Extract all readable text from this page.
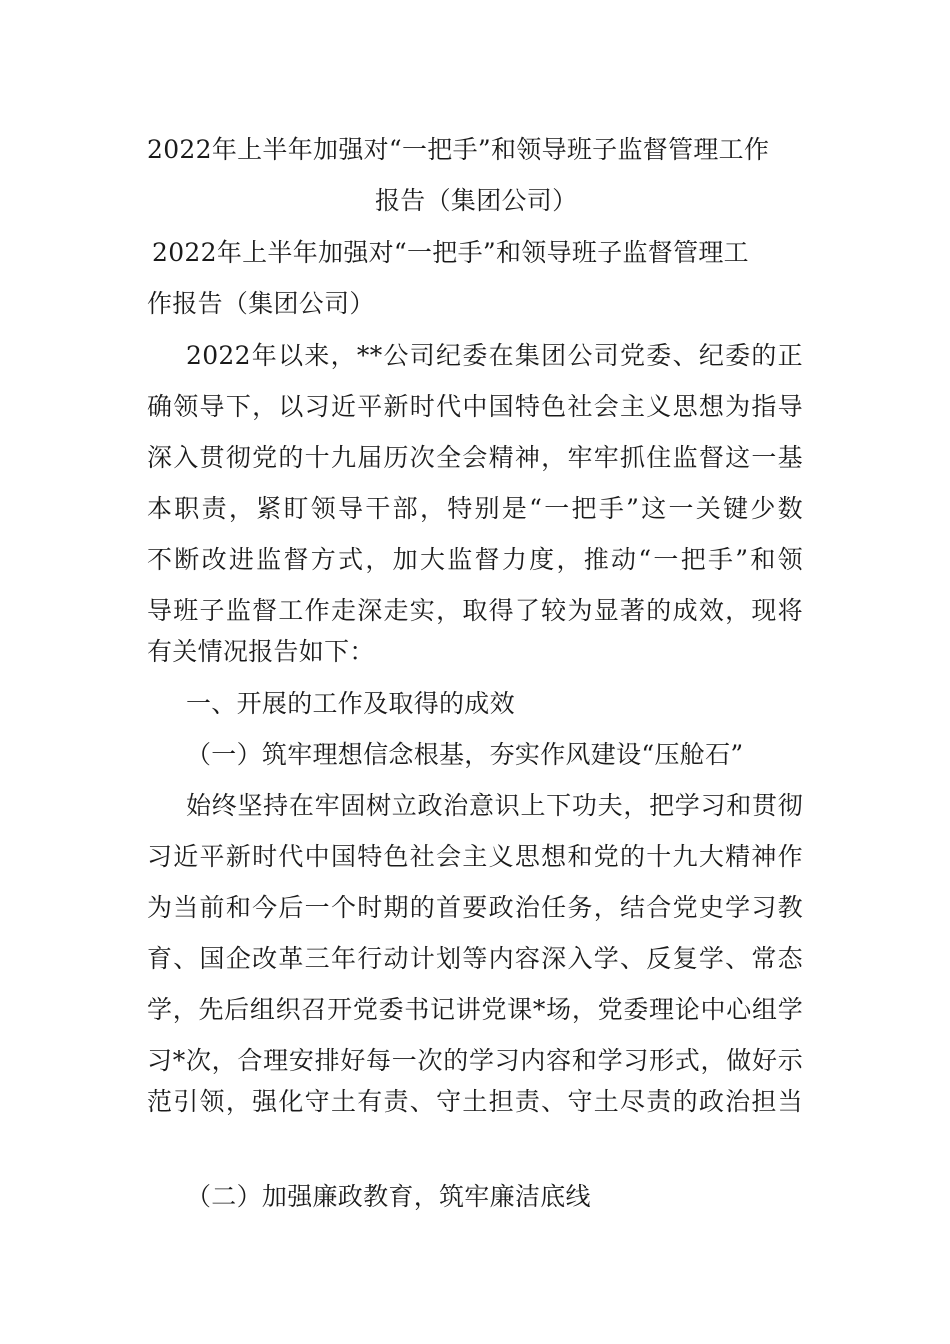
2022年上半年加强对“一把手”和领导班子监督管理工作
报告（集团公司）
2022年上半年加强对“一把手”和领导班子监督管理工
作报告（集团公司）
2022年以来，**公司纪委在集团公司党委、纪委的正
确领导下，以习近平新时代中国特色社会主义思想为指导
深入贯彻党的十九届历次全会精神，牢牢抓住监督这一基
本职责，紧盯领导干部，特别是“一把手”这一关键少数
不断改进监督方式，加大监督力度，推动“一把手”和领
导班子监督工作走深走实，取得了较为显著的成效，现将
有关情况报告如下：
一、开展的工作及取得的成效
（一）筑牢理想信念根基，夯实作风建设“压舱石”
始终坚持在牢固树立政治意识上下功夫，把学习和贯彻
习近平新时代中国特色社会主义思想和党的十九大精神作
为当前和今后一个时期的首要政治任务，结合党史学习教
育、国企改革三年行动计划等内容深入学、反复学、常态
学，先后组织召开党委书记讲党课*场，党委理论中心组学
习*次，合理安排好每一次的学习内容和学习形式，做好示
范引领，强化守土有责、守土担责、守土尽责的政治担当
（二）加强廉政教育，筑牢廉洁底线
